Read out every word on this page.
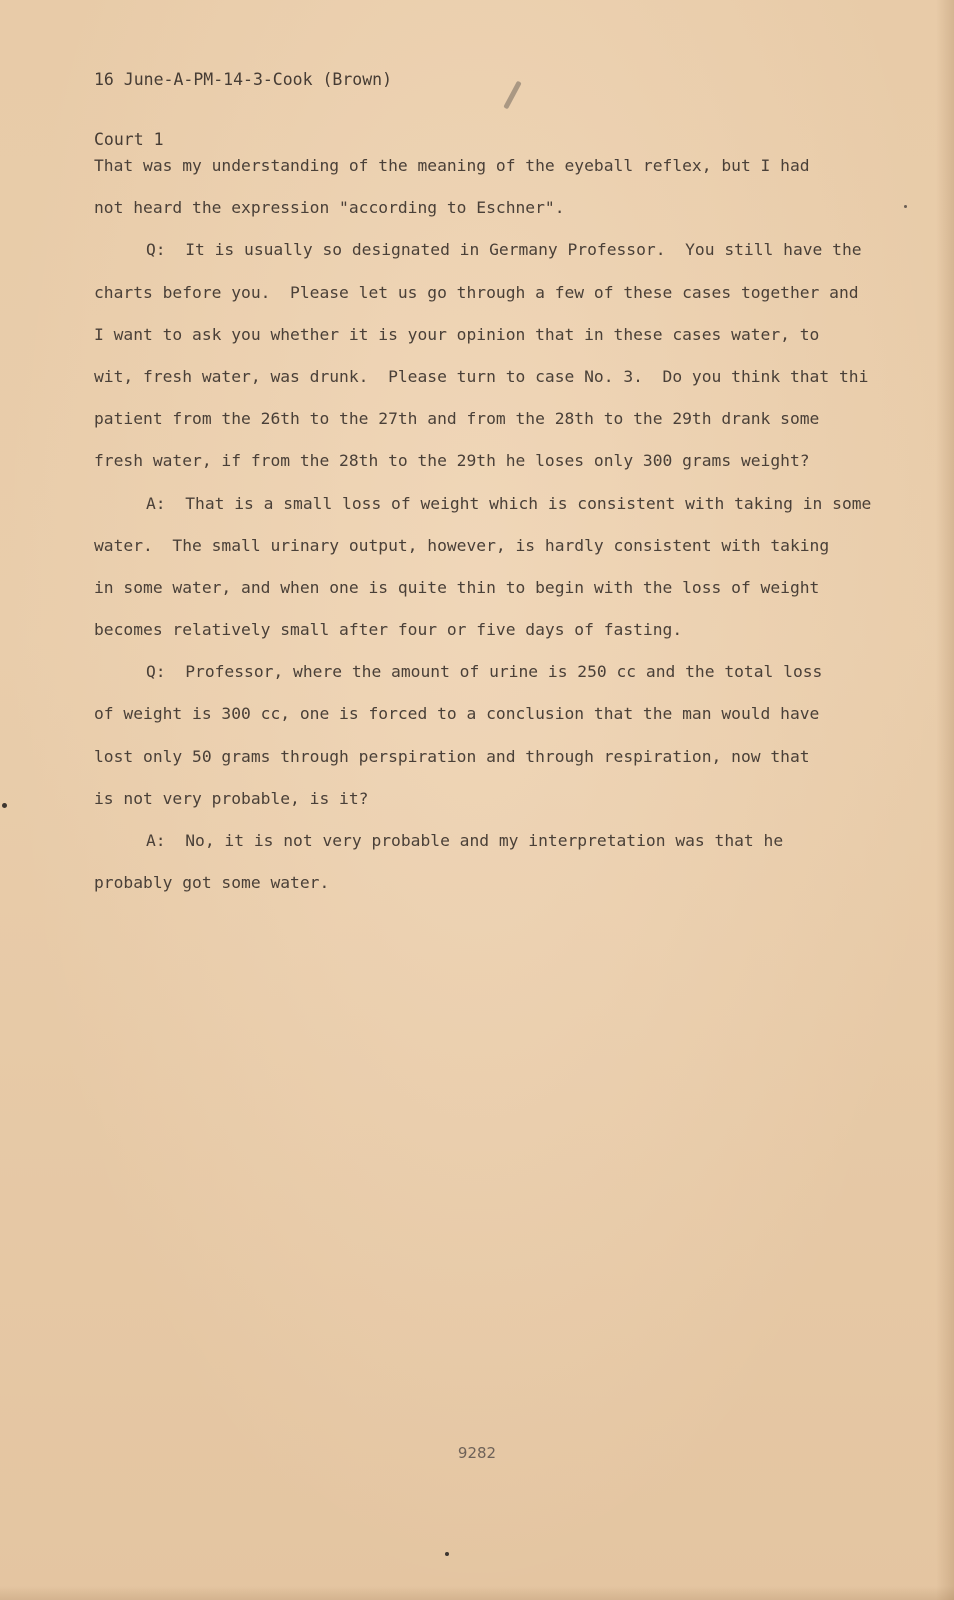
16 June-A-PM-14-3-Cook (Brown)

Court 1

That was my understanding of the meaning of the eyeball reflex, but I had
not heard the expression "according to Eschner".
Q:  It is usually so designated in Germany Professor.  You still have the
charts before you.  Please let us go through a few of these cases together and
I want to ask you whether it is your opinion that in these cases water, to
wit, fresh water, was drunk.  Please turn to case No. 3.  Do you think that thi
patient from the 26th to the 27th and from the 28th to the 29th drank some
fresh water, if from the 28th to the 29th he loses only 300 grams weight?
A:  That is a small loss of weight which is consistent with taking in some
water.  The small urinary output, however, is hardly consistent with taking
in some water, and when one is quite thin to begin with the loss of weight
becomes relatively small after four or five days of fasting.
Q:  Professor, where the amount of urine is 250 cc and the total loss
of weight is 300 cc, one is forced to a conclusion that the man would have
lost only 50 grams through perspiration and through respiration, now that
is not very probable, is it?
A:  No, it is not very probable and my interpretation was that he
probably got some water.
9282
